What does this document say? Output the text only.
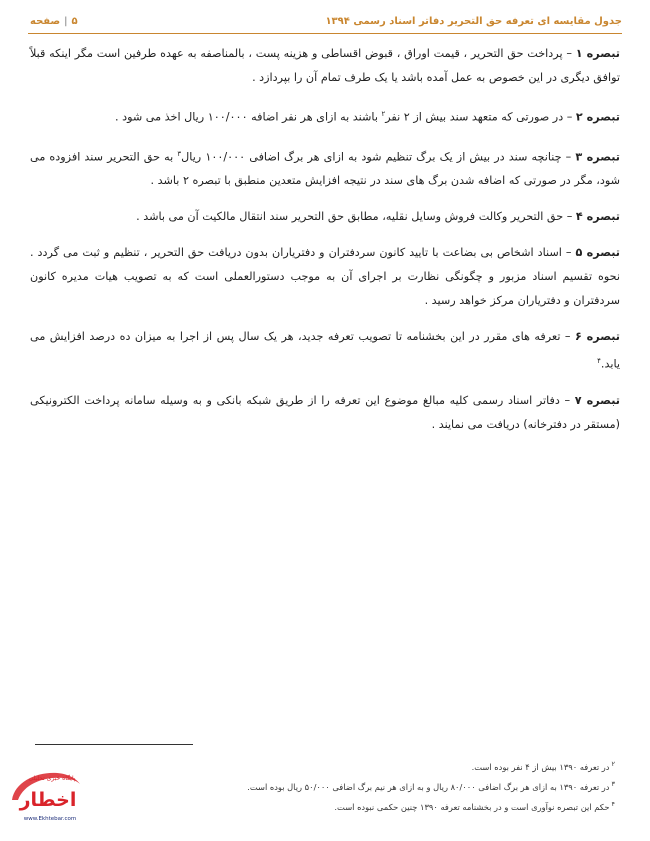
جدول مقایسه ای تعرفه حق التحریر دفاتر اسناد رسمی ۱۳۹۴
۵
|
صفحه

تبصره ۱ – پرداخت حق التحریر ، قیمت اوراق ، قبوض اقساطی و هزینه پست ، بالمناصفه به عهده طرفین است مگر اینکه قبلاً توافق دیگری در این خصوص به عمل آمده باشد یا یک طرف تمام آن را بپردازد .

تبصره ۲ – در صورتی که متعهد سند بیش از ۲ نفر$^۲$ باشند به ازای هر نفر اضافه ۱۰۰/۰۰۰ ریال اخذ می شود .

تبصره ۳ – چنانچه سند در بیش از یک برگ تنظیم شود به ازای هر برگ اضافی ۱۰۰/۰۰۰ ریال$^۳$ به حق التحریر سند افزوده می شود، مگر در صورتی که اضافه شدن برگ های سند در نتیجه افزایش متعدین منطبق با تبصره ۲ باشد .

تبصره ۴ – حق التحریر وکالت فروش وسایل نقلیه، مطابق حق التحریر سند انتقال مالکیت آن می باشد .

تبصره ۵ – اسناد اشخاص بی بضاعت با تایید کانون سردفتران و دفتریاران بدون دریافت حق التحریر ، تنظیم و ثبت می گردد . نحوه تقسیم اسناد مزبور و چگونگی نظارت بر اجرای آن به موجب دستورالعملی است که به تصویب هیات مدیره کانون سردفتران و دفتریاران مرکز خواهد رسید .

تبصره ۶ – تعرفه های مقرر در این بخشنامه تا تصویب تعرفه جدید، هر یک سال پس از اجرا به میزان ده درصد افزایش می یابد.$^۴$

تبصره ۷ – دفاتر اسناد رسمی کلیه مبالغ موضوع این تعرفه را از طریق شبکه بانکی و به وسیله سامانه پرداخت الکترونیکی (مستقر در دفترخانه) دریافت می نمایند .

$^۲$در تعرفه ۱۳۹۰ بیش از ۴ نفر بوده است.
$^۳$در تعرفه ۱۳۹۰ به ازای هر برگ اضافی ۸۰/۰۰۰ ریال و به ازای هر نیم برگ اضافی ۵۰/۰۰۰ ریال بوده است.
$^۴$حکم این تبصره نوآوری است و در بخشنامه تعرفه ۱۳۹۰ چنین حکمی نبوده است.
پایگاه خبری تحلیلی
اخطار
www.Ekhtebar.com
